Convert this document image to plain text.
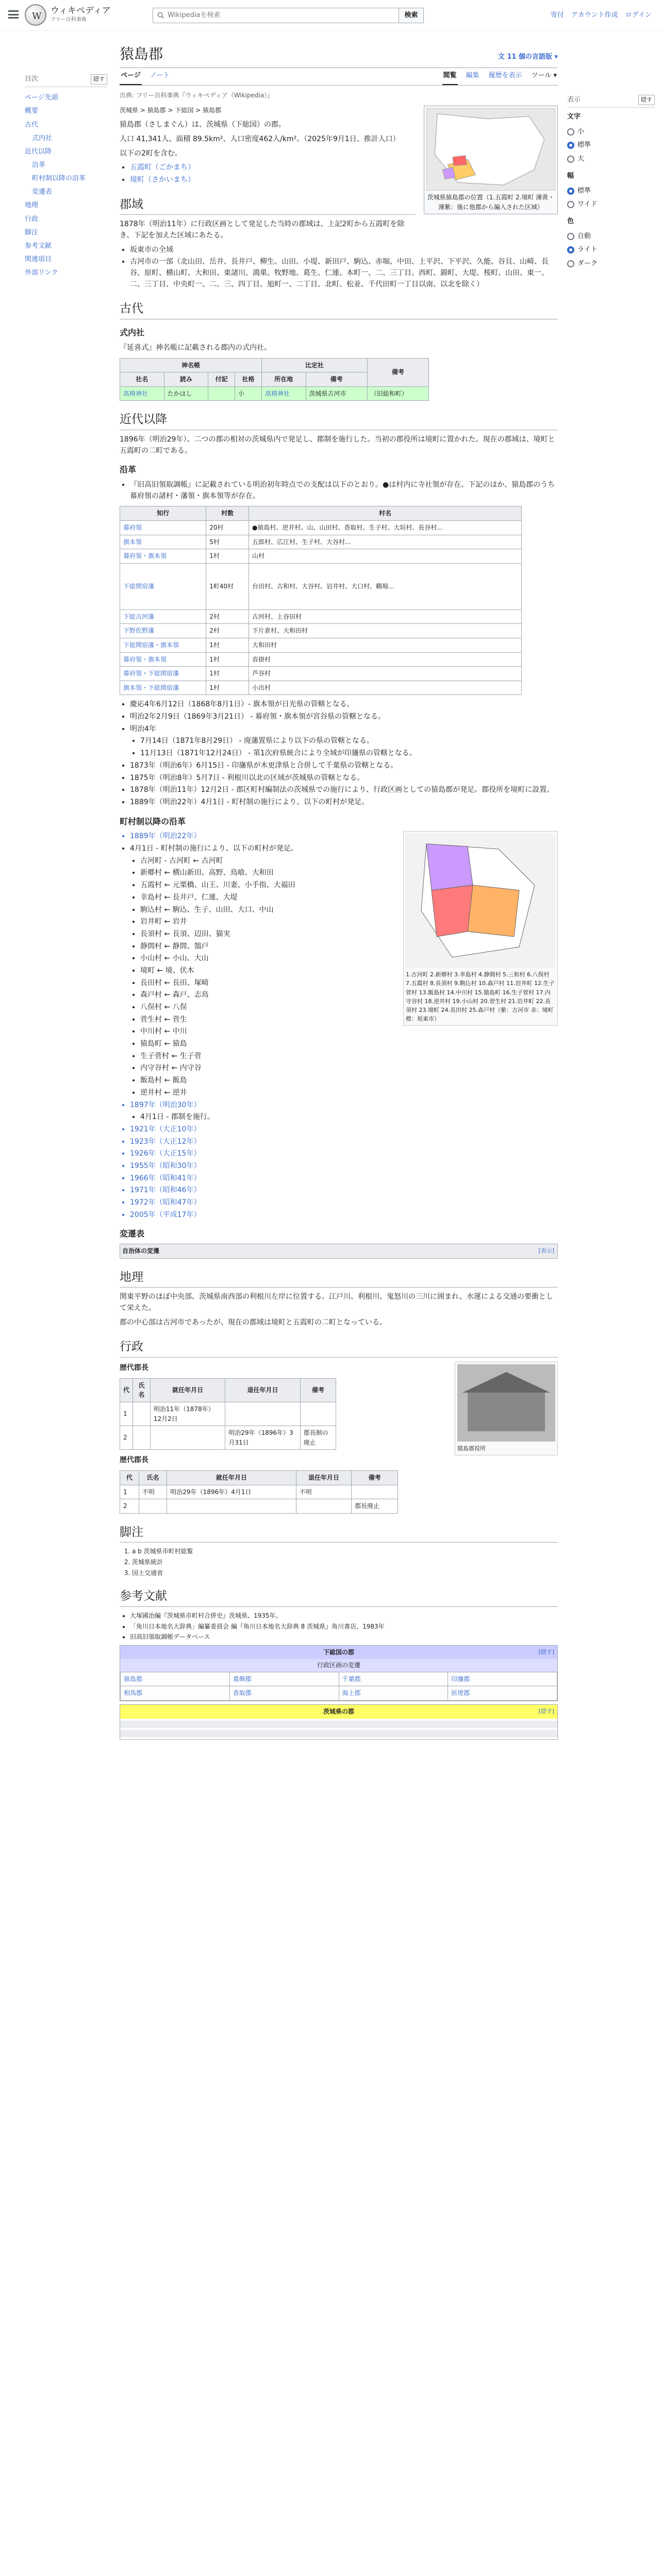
W
ウィキペディア
フリー百科事典
Wikipediaを検索	検索	寄付 アカウント作成 ログイン
目次	隠す
ページ先頭
概要
古代
式内社
近代以降
沿革
町村制以降の沿革
変遷表
地理
行政
脚注
参考文献
関連項目
外部リンク
表示	隠す
文字
小
標準
大
幅
標準
ワイド
色
自動
ライト
ダーク
猿島郡	文 11 個の言語版 ▾
ページ ノート	閲覧 編集 履歴を表示 ツール ▾
出典: フリー百科事典『ウィキペディア（Wikipedia）』
茨城県猿島郡の位置（1.五霞町 2.境町 薄黄・薄紫：後に他郡から編入された区域）
茨城県 > 猿島郡 > 下総国 > 猿島郡

猿島郡（さしまぐん）は、茨城県（下総国）の郡。

人口 41,341人、面積 89.5km²、人口密度462人/km²。（2025年9月1日、推計人口）

以下の2町を含む。

• 五霞町（ごかまち）
• 境町（さかいまち）
郡域

1878年（明治11年）に行政区画として発足した当時の郡域は、上記2町から五霞町を除き、下記を加えた区域にあたる。

• 坂東市の全域
• 古河市の一部（北山田、岳井、長井戸、柳生、山田、小堤、新田戸、駒込、赤堀、中田、上平沢、下平沢、久能、谷貝、山崎、長谷、原町、横山町、大和田、東諸川、鴻巣、牧野地、葛生、仁連、本町一、二、三丁目、西町、錦町、大堤、桜町、山田、東一、二、三丁目、中央町一、二、三、四丁目、旭町一、二丁目、北町、松並、千代田町一丁目以南、以北を除く）
古代
式内社

『延喜式』神名帳に記載される郡内の式内社。

神名帳				比定社		備考
社名	読み	付記	社格	所在地	備考	
高椅神社	たかはし		小	高椅神社	茨城県古河市	（旧総和町）
近代以降

1896年（明治29年）、二つの郡の相対の茨城県内で発足し、郡制を施行した。当初の郡役所は境町に置かれた。現在の郡域は、境町と五霞町の二町である。

沿革
• 『旧高旧領取調帳』に記載されている明治初年時点での支配は以下のとおり。●は村内に寺社領が存在。下記のほか、猿島郡のうち幕府領の諸村・藩領・旗本領等が存在。
知行	村数	村名
幕府領	20村	●猿島村、逆井村、山、山田村、香取村、生子村、大垣村、長谷村...
旗本領	5村	五郎村、広江村、生子村、大谷村...
幕府領・旗本領	1村	山村
下総関宿藩	1町40村	台田村、古和村、大谷村、岩井村、大口村、鶴堀...
下総古河藩	2村	古河村、上谷田村
下野佐野藩	2村	下片倉村、大和田村
下総関宿藩・旗本領	1村	大和田村
幕府領・旗本領	1村	沓掛村
幕府領・下総関宿藩	1村	芦谷村
旗本領・下総関宿藩	1村	小出村
• 慶応4年6月12日（1868年8月1日）- 旗本領が日光県の管轄となる。
• 明治2年2月9日（1869年3月21日） - 幕府領・旗本領が宮谷県の管轄となる。
• 明治4年
• 7月14日（1871年8月29日） - 廃藩置県により以下の県の管轄となる。
• 11月13日（1871年12月24日） - 第1次府県統合により全域が印旛県の管轄となる。
• 1873年（明治6年）6月15日 - 印旛県が木更津県と合併して千葉県の管轄となる。
• 1875年（明治8年）5月7日 - 利根川以北の区域が茨城県の管轄となる。
• 1878年（明治11年）12月2日 - 郡区町村編制法の茨城県での施行により、行政区画としての猿島郡が発足。郡役所を境町に設置。
• 1889年（明治22年）4月1日 - 町村制の施行により、以下の町村が発足。
町村制以降の沿革
1.古河町 2.新郷村 3.幸島村 4.静間村 5.三和村 6.八俣村 7.五霞村 8.長須村 9.駒込村 10.森戸村 11.岩井町 12.生子菅村 13.飯島村 14.中川村 15.猿島町 16.生子菅村 17.内守谷村 18.逆井村 19.小山村 20.菅生村 21.岩井町 22.長須村 23.境町 24.長田村 25.森戸村（紫：古河市 赤：境町 橙：坂東市）
• 1889年（明治22年）
• 4月1日 - 町村制の施行により、以下の町村が発足。
• 古河町 - 古河町 ← 古河町
• 新郷村 ← 横山新田、高野、鳥喰、大和田
• 五霞村 ← 元栗橋、山王、川妻、小手指、大福田
• 幸島村 ← 長井戸、仁連、大堤
• 駒込村 ← 駒込、生子、山田、大口、中山
• 岩井町 ← 岩井
• 長須村 ← 長須、辺田、猫実
• 静間村 ← 静間、鵠戸
• 小山村 ← 小山、大山
• 境町 ← 境、伏木
• 長田村 ← 長田、塚崎
• 森戸村 ← 森戸、志鳥
• 八俣村 ← 八俣
• 菅生村 ← 菅生
• 中川村 ← 中川
• 猿島町 ← 猿島
• 生子菅村 ← 生子菅
• 内守谷村 ← 内守谷
• 飯島村 ← 飯島
• 逆井村 ← 逆井
• 1897年（明治30年）
• 4月1日 - 郡制を施行。
• 1921年（大正10年）
• 1923年（大正12年）
• 1926年（大正15年）
• 1955年（昭和30年）
• 1966年（昭和41年）
• 1971年（昭和46年）
• 1972年（昭和47年）
• 2005年（平成17年）
変遷表
自治体の変遷	[表示]
地理

関東平野のほぼ中央部、茨城県南西部の利根川左岸に位置する。江戸川、利根川、鬼怒川の三川に囲まれ、水運による交通の要衝として栄えた。

郡の中心部は古河市であったが、現在の郡域は境町と五霞町の二町となっている。

行政
猿島郡役所
歴代郡長
代	氏名	就任年月日	退任年月日	備考
1		明治11年（1878年）12月2日		
2			明治29年（1896年）3月31日	郡長制の廃止
歴代郡長
代	氏名	就任年月日	退任年月日	備考
1	不明	明治29年（1896年）4月1日	不明	
2				郡長廃止
脚注
1. a b 茨城県市町村総覧
2. 茨城県統計
3. 国土交通省
参考文献
• 大塚國治編『茨城県市町村合併史』茨城県、1935年。
• 「角川日本地名大辞典」編纂委員会 編『角川日本地名大辞典 8 茨城県』角川書店、1983年
• 旧高旧領取調帳データベース
下総国の郡	[隠す]
行政区画の変遷
猿島郡	葛飾郡	千葉郡	印旛郡
相馬郡	香取郡	海上郡	匝瑳郡
茨城県の郡	[隠す]
